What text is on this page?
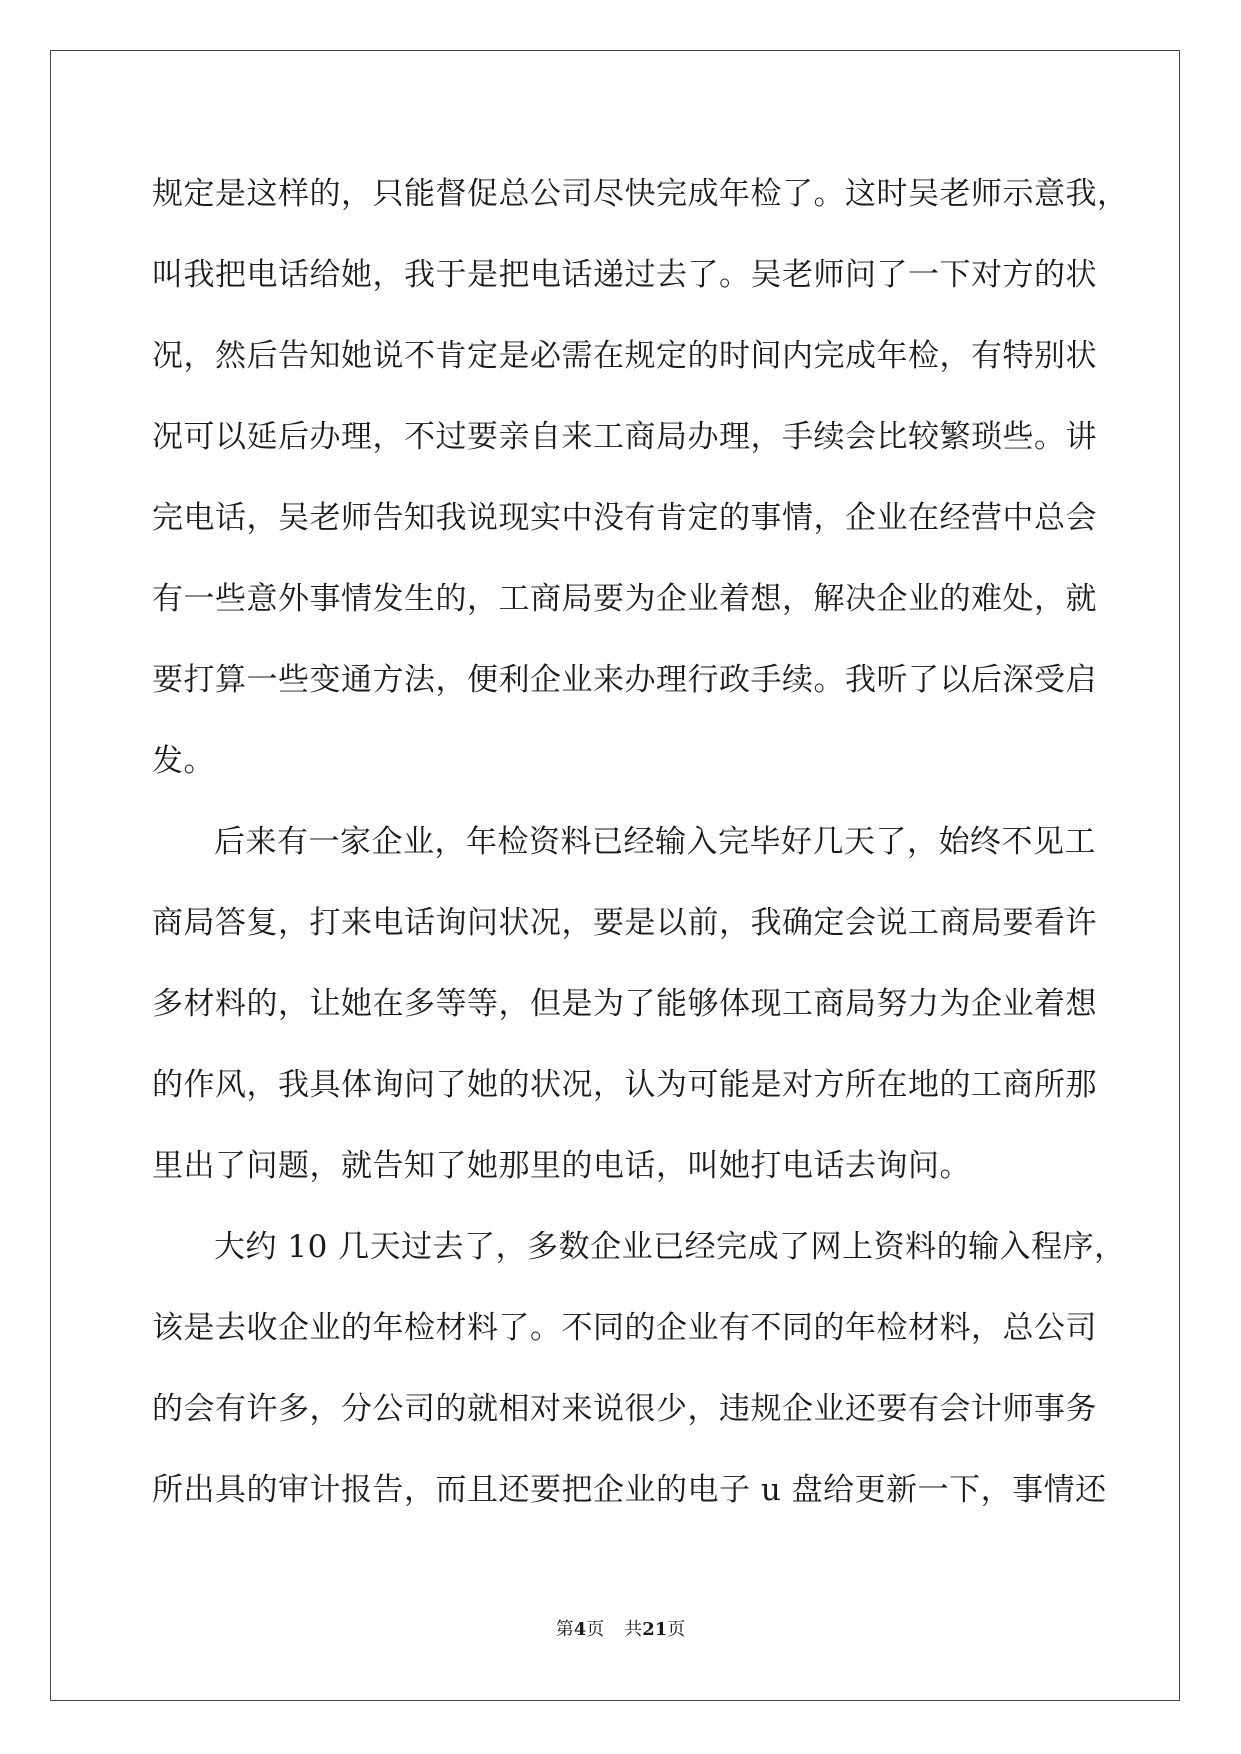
规定是这样的，只能督促总公司尽快完成年检了。这时吴老师示意我，
叫我把电话给她，我于是把电话递过去了。吴老师问了一下对方的状
况，然后告知她说不肯定是必需在规定的时间内完成年检，有特别状
况可以延后办理，不过要亲自来工商局办理，手续会比较繁琐些。讲
完电话，吴老师告知我说现实中没有肯定的事情，企业在经营中总会
有一些意外事情发生的，工商局要为企业着想，解决企业的难处，就
要打算一些变通方法，便利企业来办理行政手续。我听了以后深受启
发。
后来有一家企业，年检资料已经输入完毕好几天了，始终不见工
商局答复，打来电话询问状况，要是以前，我确定会说工商局要看许
多材料的，让她在多等等，但是为了能够体现工商局努力为企业着想
的作风，我具体询问了她的状况，认为可能是对方所在地的工商所那
里出了问题，就告知了她那里的电话，叫她打电话去询问。
大约 10 几天过去了，多数企业已经完成了网上资料的输入程序，
该是去收企业的年检材料了。不同的企业有不同的年检材料，总公司
的会有许多，分公司的就相对来说很少，违规企业还要有会计师事务
所出具的审计报告，而且还要把企业的电子 u 盘给更新一下，事情还
第4页 共21页
